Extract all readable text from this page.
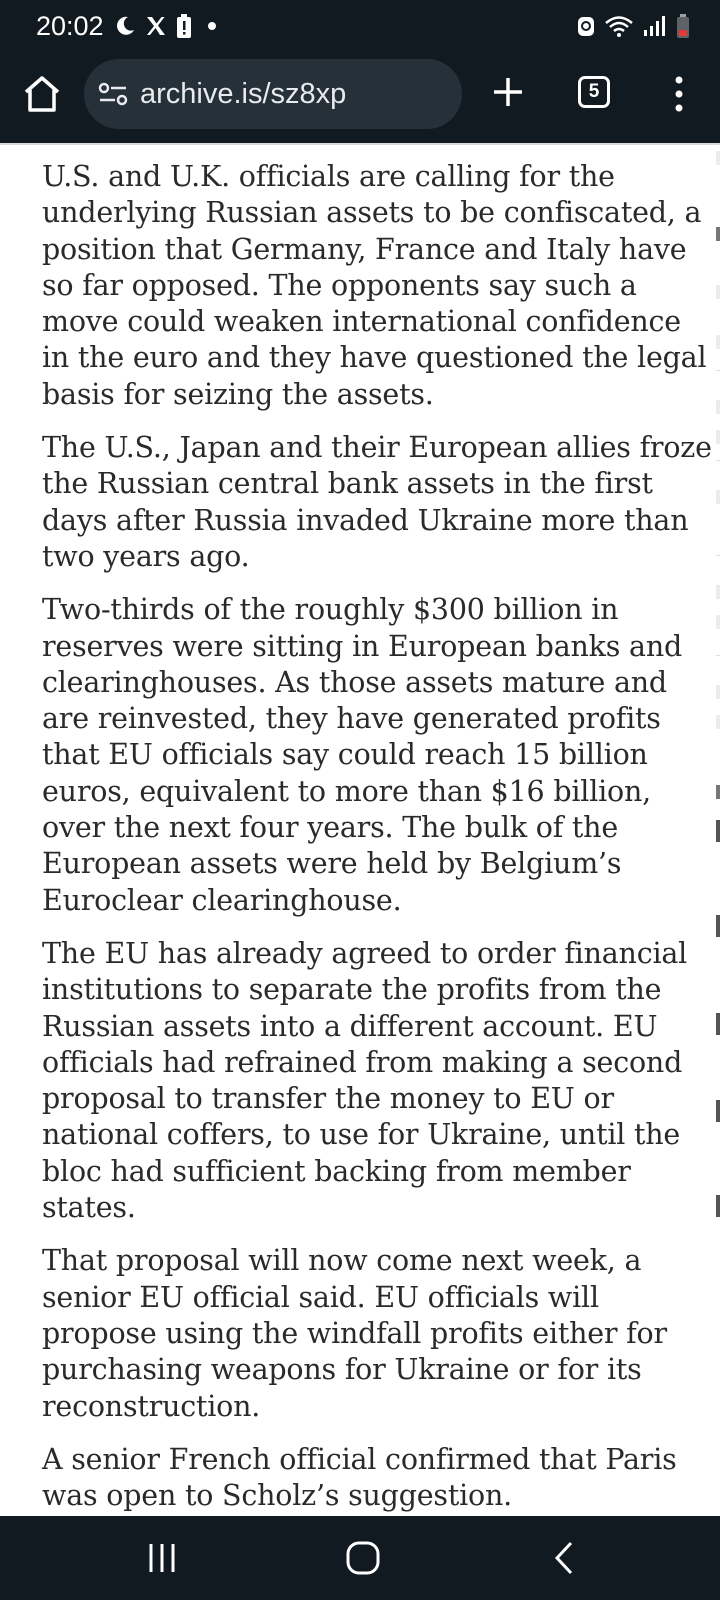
20:02
archive.is/sz8xp	5

U.S. and U.K. officials are calling for the
underlying Russian assets to be confiscated, a
position that Germany, France and Italy have
so far opposed. The opponents say such a
move could weaken international confidence
in the euro and they have questioned the legal
basis for seizing the assets.

The U.S., Japan and their European allies froze
the Russian central bank assets in the first
days after Russia invaded Ukraine more than
two years ago.

Two-thirds of the roughly $300 billion in
reserves were sitting in European banks and
clearinghouses. As those assets mature and
are reinvested, they have generated profits
that EU officials say could reach 15 billion
euros, equivalent to more than $16 billion,
over the next four years. The bulk of the
European assets were held by Belgium’s
Euroclear clearinghouse.

The EU has already agreed to order financial
institutions to separate the profits from the
Russian assets into a different account. EU
officials had refrained from making a second
proposal to transfer the money to EU or
national coffers, to use for Ukraine, until the
bloc had sufficient backing from member
states.

That proposal will now come next week, a
senior EU official said. EU officials will
propose using the windfall profits either for
purchasing weapons for Ukraine or for its
reconstruction.

A senior French official confirmed that Paris
was open to Scholz’s suggestion.
